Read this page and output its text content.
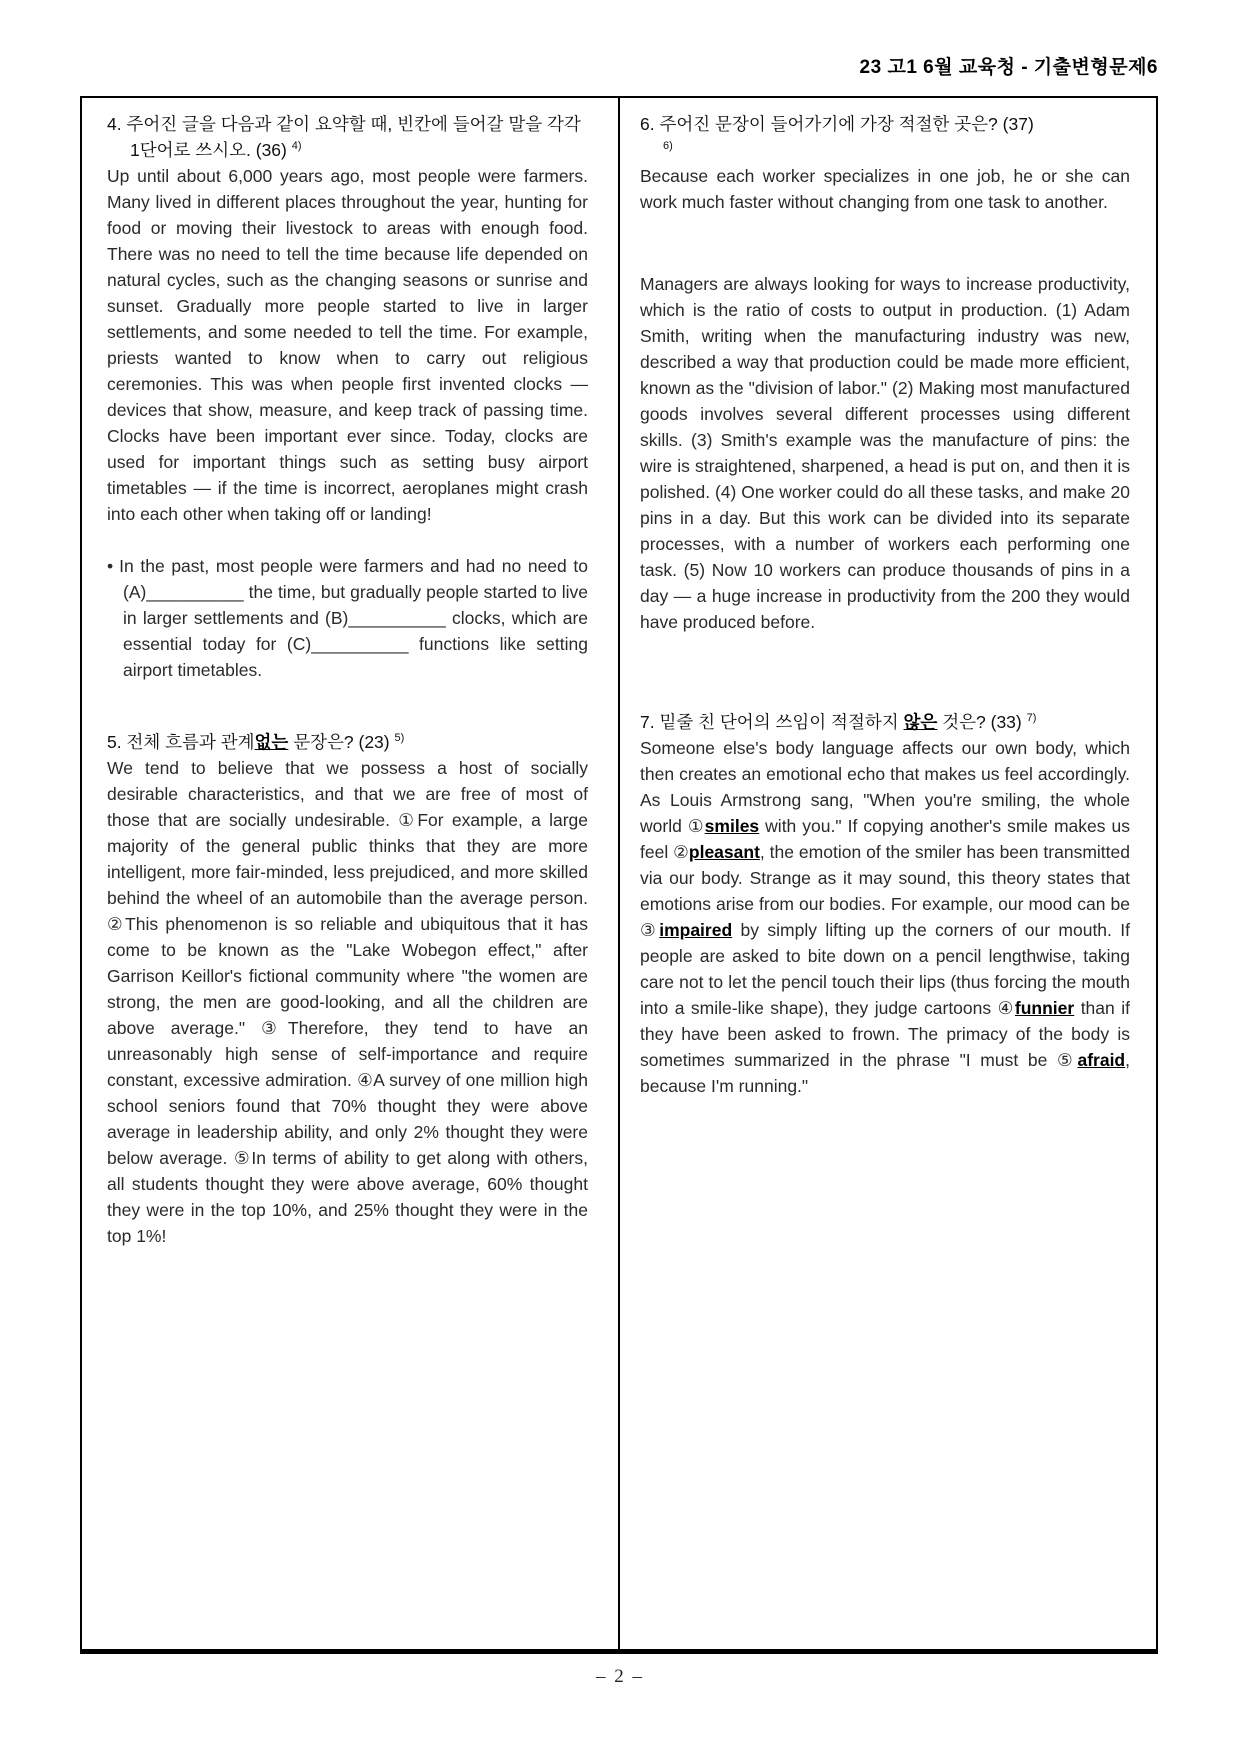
23 고1 6월 교육청 - 기출변형문제6

4. 주어진 글을 다음과 같이 요약할 때, 빈칸에 들어갈 말을 각각 1단어로 쓰시오. (36) $^{4)}$

Up until about 6,000 years ago, most people were farmers. Many lived in different places throughout the year, hunting for food or moving their livestock to areas with enough food. There was no need to tell the time because life depended on natural cycles, such as the changing seasons or sunrise and sunset. Gradually more people started to live in larger settlements, and some needed to tell the time. For example, priests wanted to know when to carry out religious ceremonies. This was when people first invented clocks — devices that show, measure, and keep track of passing time. Clocks have been important ever since. Today, clocks are used for important things such as setting busy airport timetables — if the time is incorrect, aeroplanes might crash into each other when taking off or landing!

• In the past, most people were farmers and had no need to (A)__________ the time, but gradually people started to live in larger settlements and (B)__________ clocks, which are essential today for (C)__________ functions like setting airport timetables.

5. 전체 흐름과 관계없는 문장은? (23) $^{5)}$

We tend to believe that we possess a host of socially desirable characteristics, and that we are free of most of those that are socially undesirable. ①For example, a large majority of the general public thinks that they are more intelligent, more fair-minded, less prejudiced, and more skilled behind the wheel of an automobile than the average person. ②This phenomenon is so reliable and ubiquitous that it has come to be known as the "Lake Wobegon effect," after Garrison Keillor's fictional community where "the women are strong, the men are good-looking, and all the children are above average." ③Therefore, they tend to have an unreasonably high sense of self-importance and require constant, excessive admiration. ④A survey of one million high school seniors found that 70% thought they were above average in leadership ability, and only 2% thought they were below average. ⑤In terms of ability to get along with others, all students thought they were above average, 60% thought they were in the top 10%, and 25% thought they were in the top 1%!

6. 주어진 문장이 들어가기에 가장 적절한 곳은? (37)
$^{6)}$

Because each worker specializes in one job, he or she can work much faster without changing from one task to another.

Managers are always looking for ways to increase productivity, which is the ratio of costs to output in production. (1) Adam Smith, writing when the manufacturing industry was new, described a way that production could be made more efficient, known as the "division of labor." (2) Making most manufactured goods involves several different processes using different skills. (3) Smith's example was the manufacture of pins: the wire is straightened, sharpened, a head is put on, and then it is polished. (4) One worker could do all these tasks, and make 20 pins in a day. But this work can be divided into its separate processes, with a number of workers each performing one task. (5) Now 10 workers can produce thousands of pins in a day — a huge increase in productivity from the 200 they would have produced before.

7. 밑줄 친 단어의 쓰임이 적절하지 않은 것은? (33) $^{7)}$

Someone else's body language affects our own body, which then creates an emotional echo that makes us feel accordingly. As Louis Armstrong sang, "When you're smiling, the whole world ①smiles with you." If copying another's smile makes us feel ②pleasant, the emotion of the smiler has been transmitted via our body. Strange as it may sound, this theory states that emotions arise from our bodies. For example, our mood can be ③impaired by simply lifting up the corners of our mouth. If people are asked to bite down on a pencil lengthwise, taking care not to let the pencil touch their lips (thus forcing the mouth into a smile-like shape), they judge cartoons ④funnier than if they have been asked to frown. The primacy of the body is sometimes summarized in the phrase "I must be ⑤afraid, because I'm running."

– 2 –
